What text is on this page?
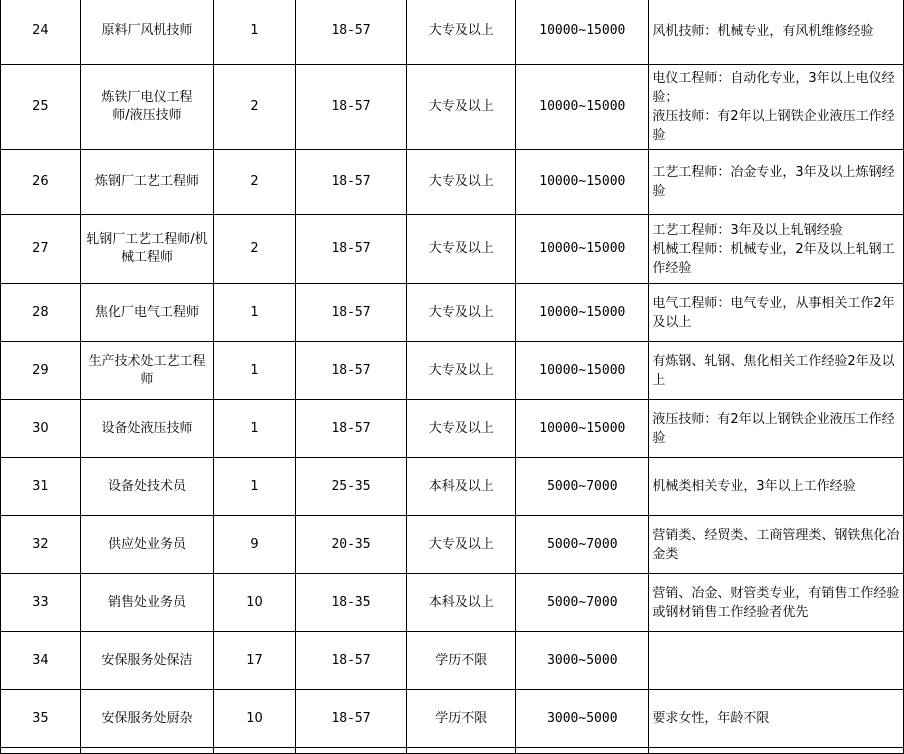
24	原料厂风机技师	1	18-57	大专及以上	10000~15000	风机技师：机械专业，有风机维修经验
25	炼铁厂电仪工程师/液压技师	2	18-57	大专及以上	10000~15000	电仪工程师：自动化专业，3年以上电仪经验；
液压技师：有2年以上钢铁企业液压工作经验
26	炼钢厂工艺工程师	2	18-57	大专及以上	10000~15000	工艺工程师：冶金专业，3年及以上炼钢经验
27	轧钢厂工艺工程师/机械工程师	2	18-57	大专及以上	10000~15000	工艺工程师：3年及以上轧钢经验
机械工程师：机械专业，2年及以上轧钢工作经验
28	焦化厂电气工程师	1	18-57	大专及以上	10000~15000	电气工程师：电气专业，从事相关工作2年及以上
29	生产技术处工艺工程师	1	18-57	大专及以上	10000~15000	有炼钢、轧钢、焦化相关工作经验2年及以上
30	设备处液压技师	1	18-57	大专及以上	10000~15000	液压技师：有2年以上钢铁企业液压工作经验
31	设备处技术员	1	25-35	本科及以上	5000~7000	机械类相关专业，3年以上工作经验
32	供应处业务员	9	20-35	大专及以上	5000~7000	营销类、经贸类、工商管理类、钢铁焦化冶金类
33	销售处业务员	10	18-35	本科及以上	5000~7000	营销、冶金、财管类专业，有销售工作经验或钢材销售工作经验者优先
34	安保服务处保洁	17	18-57	学历不限	3000~5000	
35	安保服务处厨杂	10	18-57	学历不限	3000~5000	要求女性，年龄不限
